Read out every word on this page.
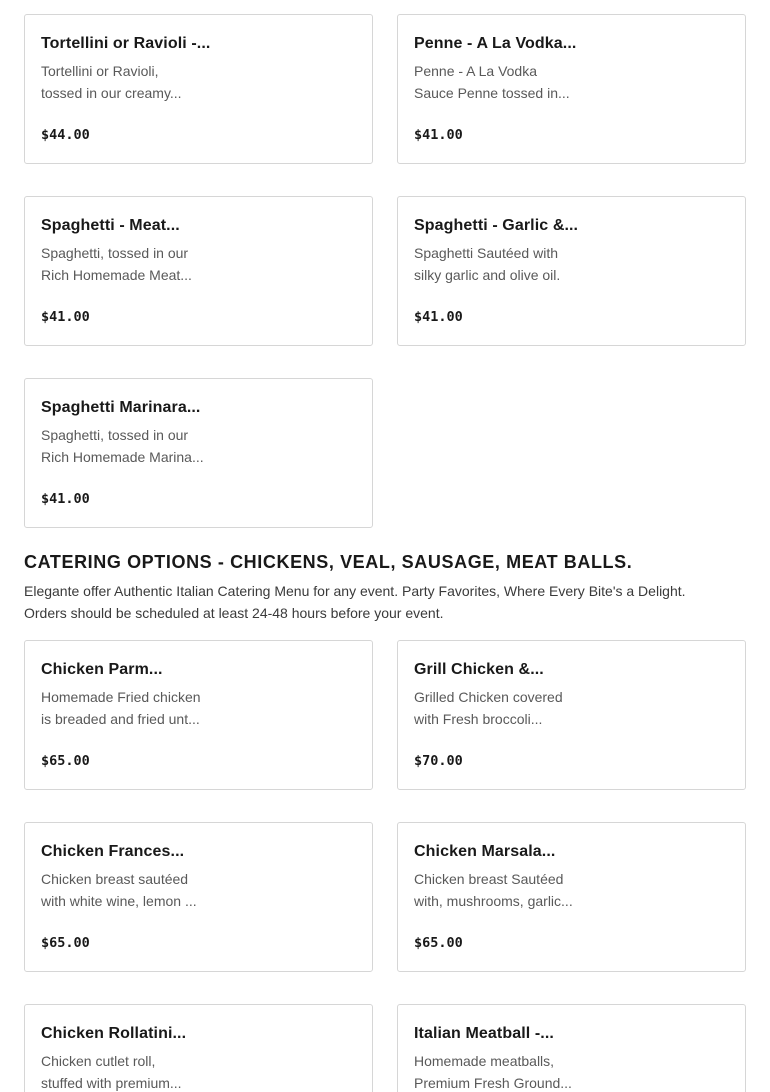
Tortellini or Ravioli -...
Tortellini or Ravioli,
tossed in our creamy...
$44.00
Penne - A La Vodka...
Penne - A La Vodka
Sauce Penne tossed in...
$41.00
Spaghetti - Meat...
Spaghetti, tossed in our
Rich Homemade Meat...
$41.00
Spaghetti - Garlic &...
Spaghetti Sautéed with
silky garlic and olive oil.
$41.00
Spaghetti Marinara...
Spaghetti, tossed in our
Rich Homemade Marina...
$41.00
CATERING OPTIONS - CHICKENS, VEAL, SAUSAGE, MEAT BALLS.
Elegante offer Authentic Italian Catering Menu for any event. Party Favorites, Where Every Bite's a Delight.
Orders should be scheduled at least 24-48 hours before your event.
Chicken Parm...
Homemade Fried chicken
is breaded and fried unt...
$65.00
Grill Chicken &...
Grilled Chicken covered
with Fresh broccoli...
$70.00
Chicken Frances...
Chicken breast sautéed
with white wine, lemon ...
$65.00
Chicken Marsala...
Chicken breast Sautéed
with, mushrooms, garlic...
$65.00
Chicken Rollatini...
Chicken cutlet roll,
stuffed with premium...
Italian Meatball -...
Homemade meatballs,
Premium Fresh Ground...
